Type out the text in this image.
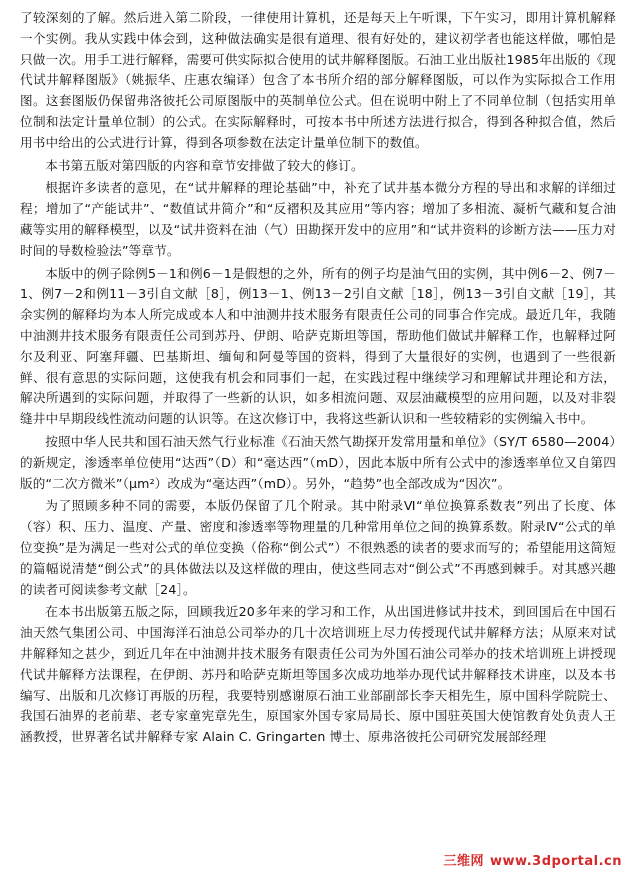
了较深刻的了解。然后进入第二阶段，一律使用计算机，还是每天上午听课，下午实习，即用计算机解释一个实例。我从实践中体会到，这种做法确实是很有道理、很有好处的，建议初学者也能这样做，哪怕是只做一次。用手工进行解释，需要可供实际拟合使用的试井解释图版。石油工业出版社1985年出版的《现代试井解释图版》（姚振华、庄惠农编译）包含了本书所介绍的部分解释图版，可以作为实际拟合工作用图。这套图版仍保留弗洛彼托公司原图版中的英制单位公式。但在说明中附上了不同单位制（包括实用单位制和法定计量单位制）的公式。在实际解释时，可按本书中所述方法进行拟合，得到各种拟合值，然后用书中给出的公式进行计算，得到各项参数在法定计量单位制下的数值。

本书第五版对第四版的内容和章节安排做了较大的修订。

根据许多读者的意见，在“试井解释的理论基础”中，补充了试井基本微分方程的导出和求解的详细过程；增加了“产能试井”、“数值试井简介”和“反褶积及其应用”等内容；增加了多相流、凝析气藏和复合油藏等实用的解释模型，以及“试井资料在油（气）田勘探开发中的应用”和“试井资料的诊断方法——压力对时间的导数检验法”等章节。

本版中的例子除例5－1和例6－1是假想的之外，所有的例子均是油气田的实例，其中例6－2、例7－1、例7－2和例11－3引自文献［8］，例13－1、例13－2引自文献［18］，例13－3引自文献［19］，其余实例的解释均为本人所完成或本人和中油测井技术服务有限责任公司的同事合作完成。最近几年，我随中油测井技术服务有限责任公司到苏丹、伊朗、哈萨克斯坦等国，帮助他们做试井解释工作，也解释过阿尔及利亚、阿塞拜疆、巴基斯坦、缅甸和阿曼等国的资料，得到了大量很好的实例，也遇到了一些很新鲜、很有意思的实际问题，这使我有机会和同事们一起，在实践过程中继续学习和理解试井理论和方法，解决所遇到的实际问题，并取得了一些新的认识，如多相流问题、双层油藏模型的应用问题，以及对非裂缝井中早期段线性流动问题的认识等。在这次修订中，我将这些新认识和一些较精彩的实例编入书中。

按照中华人民共和国石油天然气行业标准《石油天然气勘探开发常用量和单位》（SY/T 6580—2004）的新规定，渗透率单位使用“达西”（D）和“毫达西”（mD），因此本版中所有公式中的渗透率单位又自第四版的“二次方微米”（μm²）改成为“毫达西”（mD）。另外，“趋势”也全部改成为“因次”。

为了照顾多种不同的需要，本版仍保留了几个附录。其中附录Ⅵ“单位换算系数表”列出了长度、体（容）积、压力、温度、产量、密度和渗透率等物理量的几种常用单位之间的换算系数。附录Ⅳ“公式的单位变换”是为满足一些对公式的单位变换（俗称“倒公式”）不很熟悉的读者的要求而写的；希望能用这简短的篇幅说清楚“倒公式”的具体做法以及这样做的理由，使这些同志对“倒公式”不再感到棘手。对其感兴趣的读者可阅读参考文献［24］。

在本书出版第五版之际，回顾我近20多年来的学习和工作，从出国进修试井技术，到回国后在中国石油天然气集团公司、中国海洋石油总公司举办的几十次培训班上尽力传授现代试井解释方法；从原来对试井解释知之甚少，到近几年在中油测井技术服务有限责任公司为外国石油公司举办的技术培训班上讲授现代试井解释方法课程，在伊朗、苏丹和哈萨克斯坦等国多次成功地举办现代试井解释技术讲座，以及本书编写、出版和几次修订再版的历程，我要特别感谢原石油工业部副部长李天相先生，原中国科学院院士、我国石油界的老前辈、老专家童宪章先生，原国家外国专家局局长、原中国驻英国大使馆教育处负责人王涵教授，世界著名试井解释专家 Alain C. Gringarten 博士、原弗洛彼托公司研究发展部经理

三维网 www.3dportal.cn
